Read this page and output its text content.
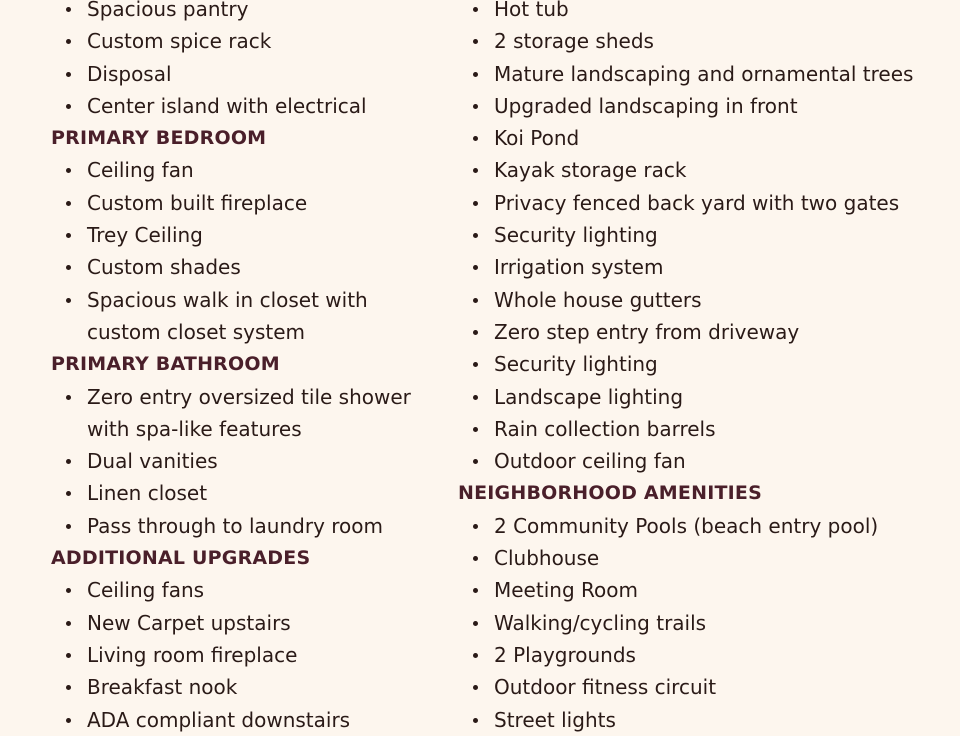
Spacious pantry
Custom spice rack
Disposal
Center island with electrical
PRIMARY BEDROOM
Ceiling fan
Custom built fireplace
Trey Ceiling
Custom shades
Spacious walk in closet with
custom closet system
PRIMARY BATHROOM
Zero entry oversized tile shower
with spa-like features
Dual vanities
Linen closet
Pass through to laundry room
ADDITIONAL UPGRADES
Ceiling fans
New Carpet upstairs
Living room fireplace
Breakfast nook
ADA compliant downstairs
Hot tub
2 storage sheds
Mature landscaping and ornamental trees
Upgraded landscaping in front
Koi Pond
Kayak storage rack
Privacy fenced back yard with two gates
Security lighting
Irrigation system
Whole house gutters
Zero step entry from driveway
Security lighting
Landscape lighting
Rain collection barrels
Outdoor ceiling fan
NEIGHBORHOOD AMENITIES
2 Community Pools (beach entry pool)
Clubhouse
Meeting Room
Walking/cycling trails
2 Playgrounds
Outdoor fitness circuit
Street lights
